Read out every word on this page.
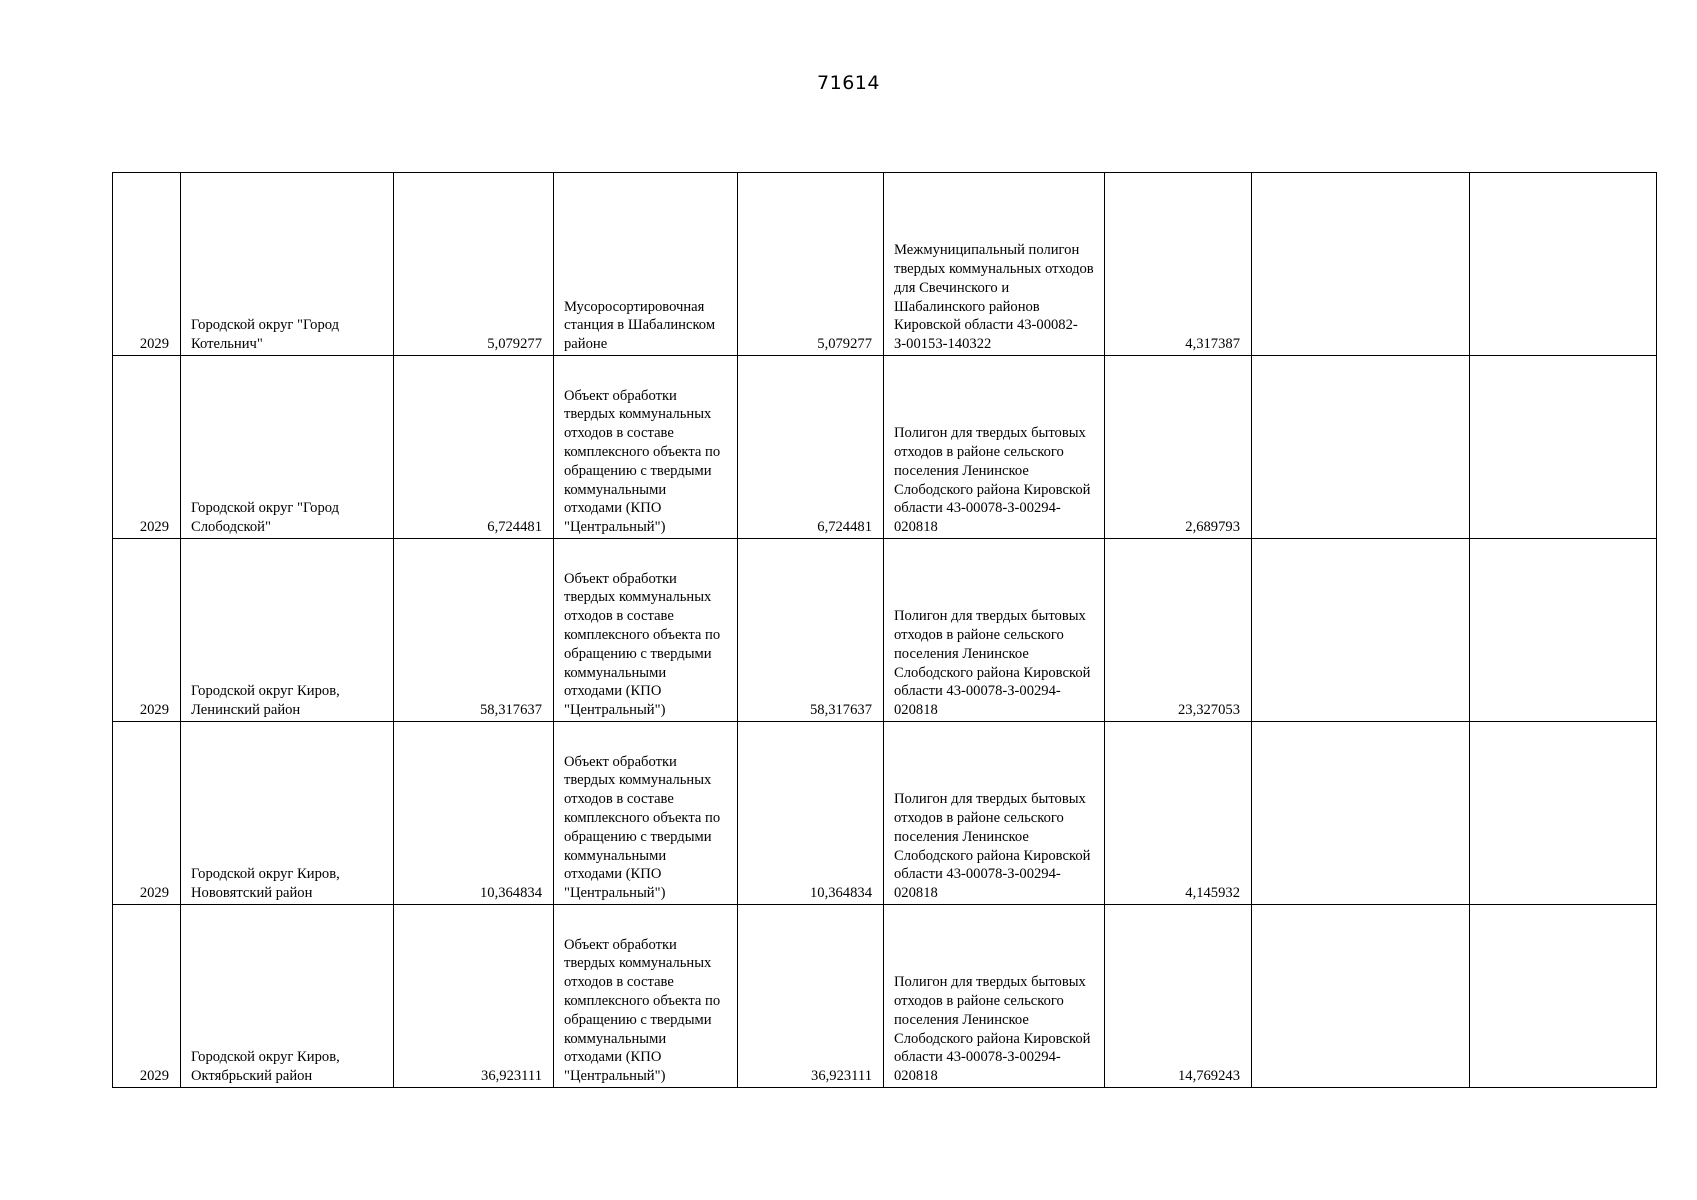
71614
2029	Городской округ "Город Котельнич"	5,079277	Мусоросортировочная станция в Шабалинском районе	5,079277	Межмуниципальный полигон твердых коммунальных отходов для Свечинского и Шабалинского районов Кировской области 43-00082-З-00153-140322	4,317387		
2029	Городской округ "Город Слободской"	6,724481	Объект обработки твердых коммунальных отходов в составе комплексного объекта по обращению с твердыми коммунальными отходами (КПО "Центральный")	6,724481	Полигон для твердых бытовых отходов в районе сельского поселения Ленинское Слободского района Кировской области 43-00078-З-00294-020818	2,689793		
2029	Городской округ Киров, Ленинский район	58,317637	Объект обработки твердых коммунальных отходов в составе комплексного объекта по обращению с твердыми коммунальными отходами (КПО "Центральный")	58,317637	Полигон для твердых бытовых отходов в районе сельского поселения Ленинское Слободского района Кировской области 43-00078-З-00294-020818	23,327053		
2029	Городской округ Киров, Нововятский район	10,364834	Объект обработки твердых коммунальных отходов в составе комплексного объекта по обращению с твердыми коммунальными отходами (КПО "Центральный")	10,364834	Полигон для твердых бытовых отходов в районе сельского поселения Ленинское Слободского района Кировской области 43-00078-З-00294-020818	4,145932		
2029	Городской округ Киров, Октябрьский район	36,923111	Объект обработки твердых коммунальных отходов в составе комплексного объекта по обращению с твердыми коммунальными отходами (КПО "Центральный")	36,923111	Полигон для твердых бытовых отходов в районе сельского поселения Ленинское Слободского района Кировской области 43-00078-З-00294-020818	14,769243		
